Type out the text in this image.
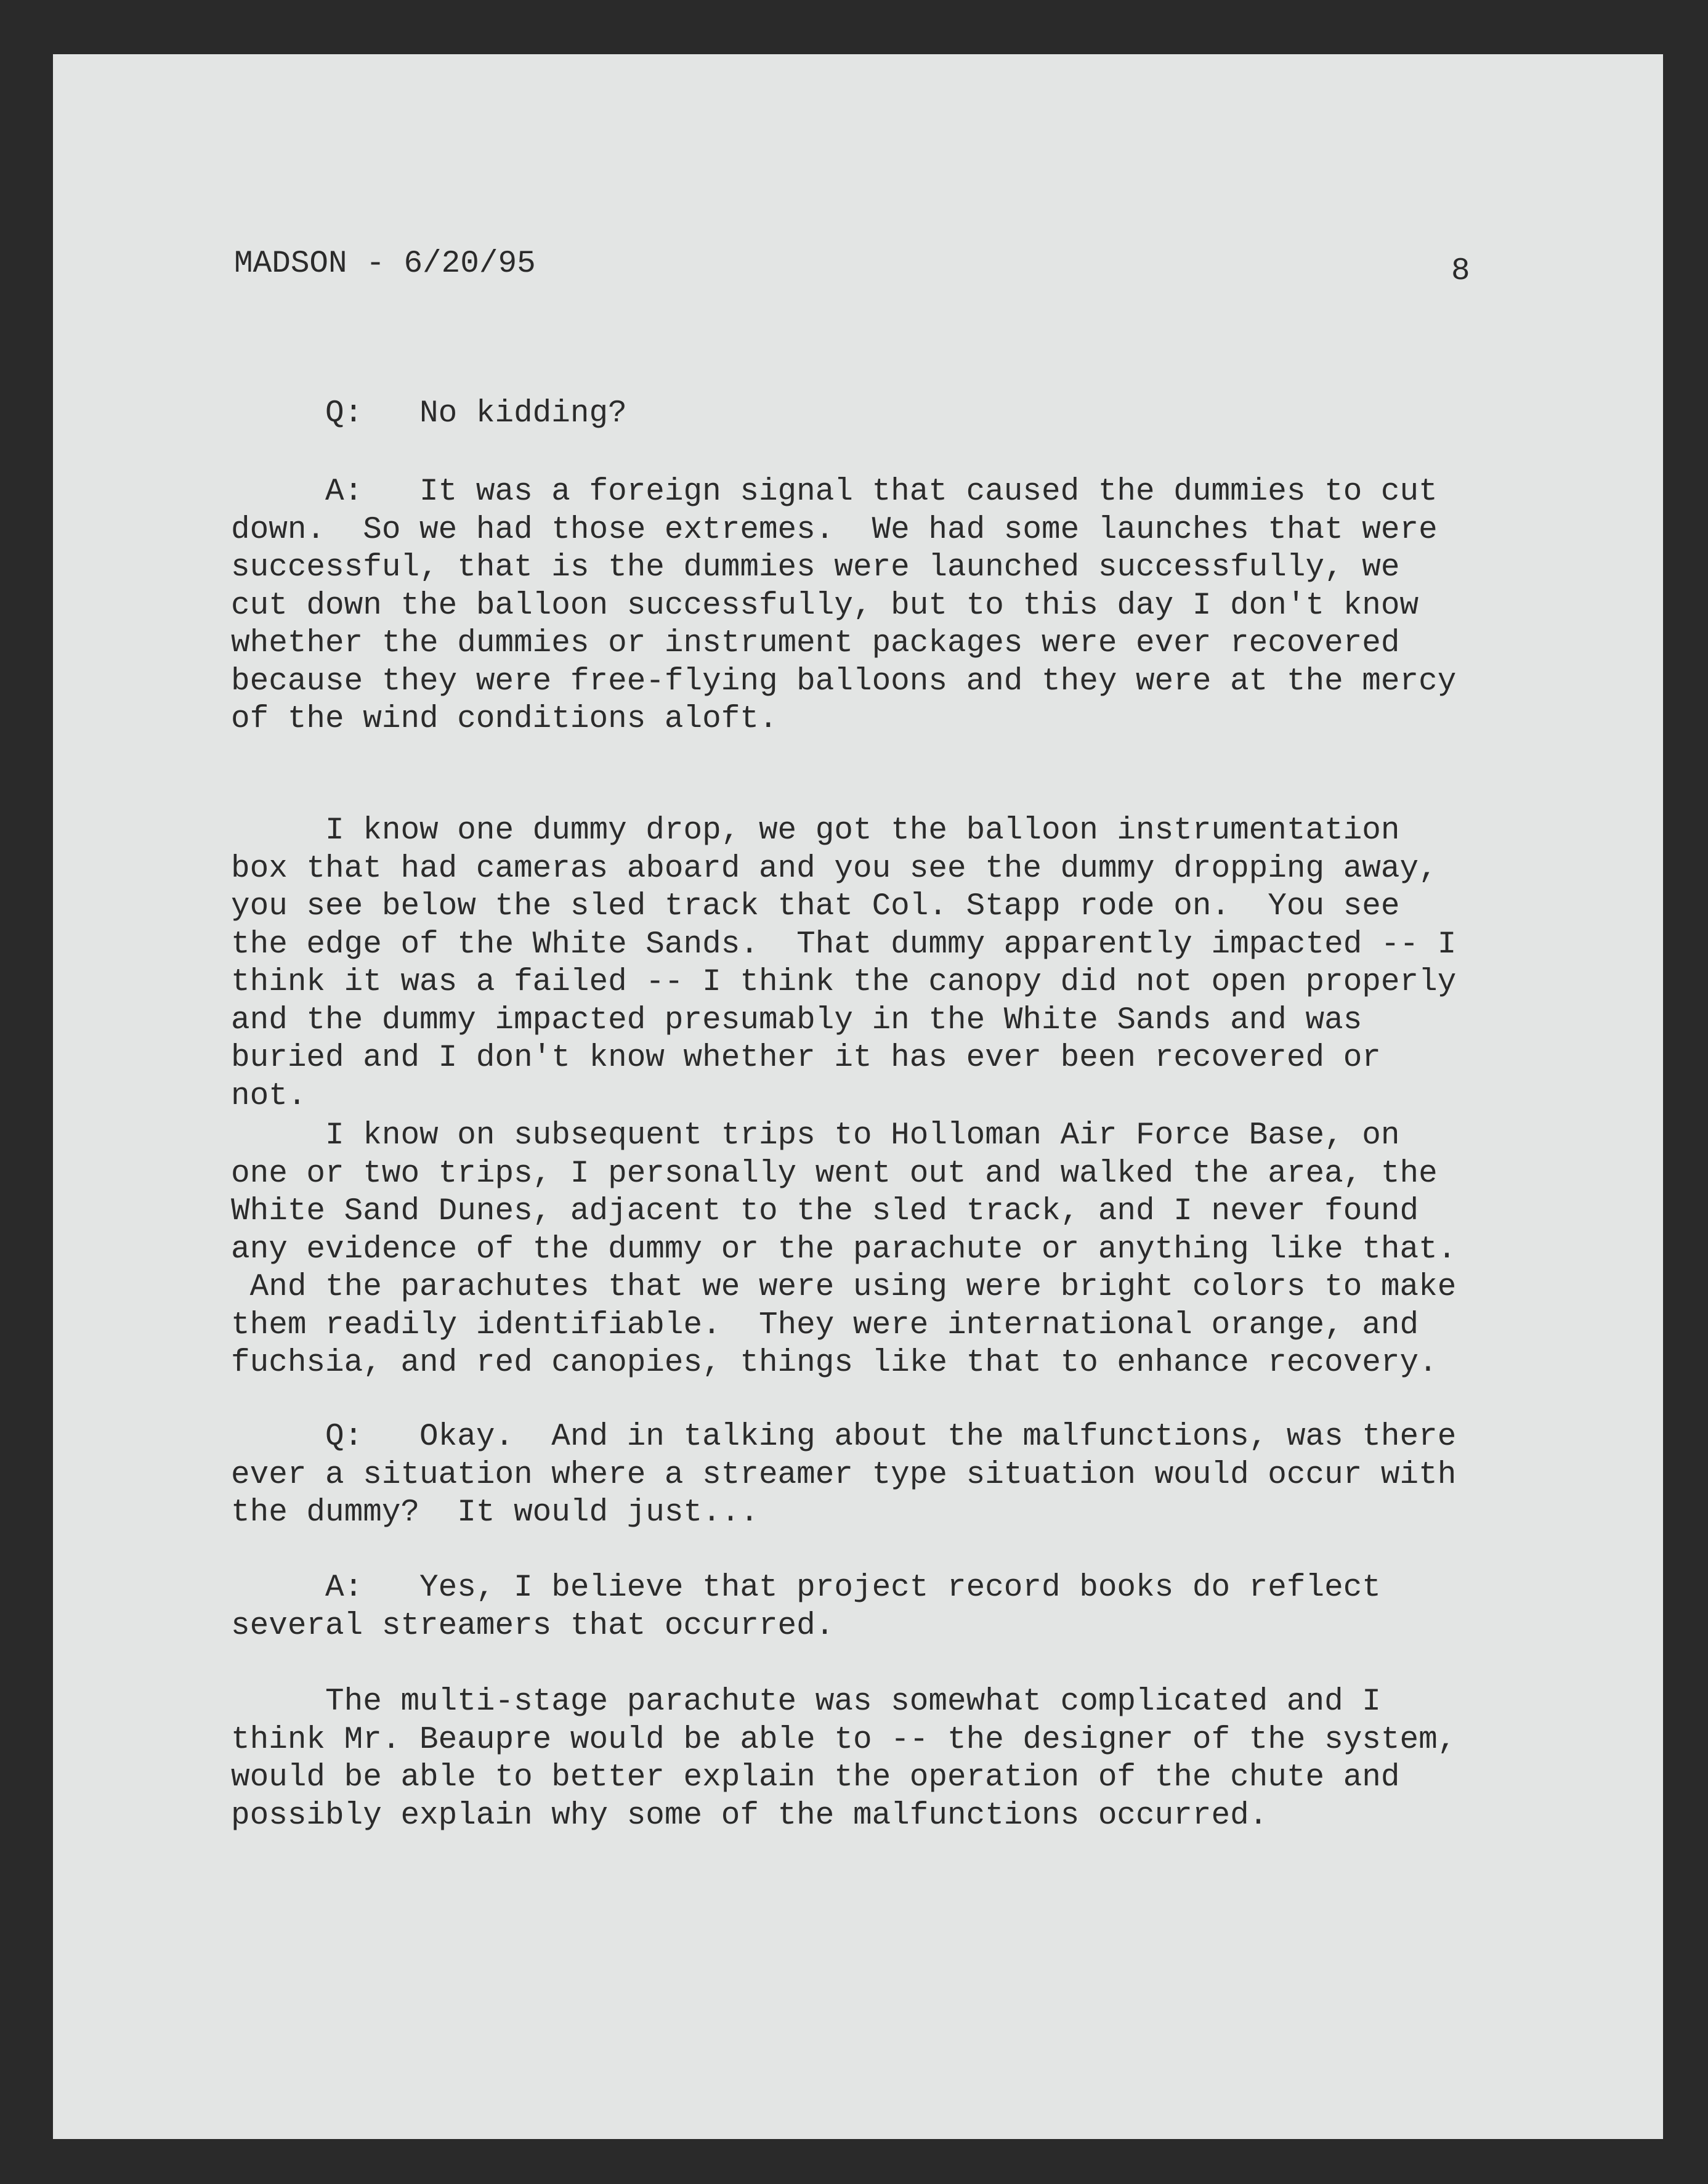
MADSON - 6/20/95	8

Q:   No kidding?

A:   It was a foreign signal that caused the dummies to cut
down.  So we had those extremes.  We had some launches that were
successful, that is the dummies were launched successfully, we
cut down the balloon successfully, but to this day I don't know
whether the dummies or instrument packages were ever recovered
because they were free-flying balloons and they were at the mercy
of the wind conditions aloft.

I know one dummy drop, we got the balloon instrumentation
box that had cameras aboard and you see the dummy dropping away,
you see below the sled track that Col. Stapp rode on.  You see
the edge of the White Sands.  That dummy apparently impacted -- I
think it was a failed -- I think the canopy did not open properly
and the dummy impacted presumably in the White Sands and was
buried and I don't know whether it has ever been recovered or
not.

I know on subsequent trips to Holloman Air Force Base, on
one or two trips, I personally went out and walked the area, the
White Sand Dunes, adjacent to the sled track, and I never found
any evidence of the dummy or the parachute or anything like that.
And the parachutes that we were using were bright colors to make
them readily identifiable.  They were international orange, and
fuchsia, and red canopies, things like that to enhance recovery.

Q:   Okay.  And in talking about the malfunctions, was there
ever a situation where a streamer type situation would occur with
the dummy?  It would just...

A:   Yes, I believe that project record books do reflect
several streamers that occurred.

The multi-stage parachute was somewhat complicated and I
think Mr. Beaupre would be able to -- the designer of the system,
would be able to better explain the operation of the chute and
possibly explain why some of the malfunctions occurred.
